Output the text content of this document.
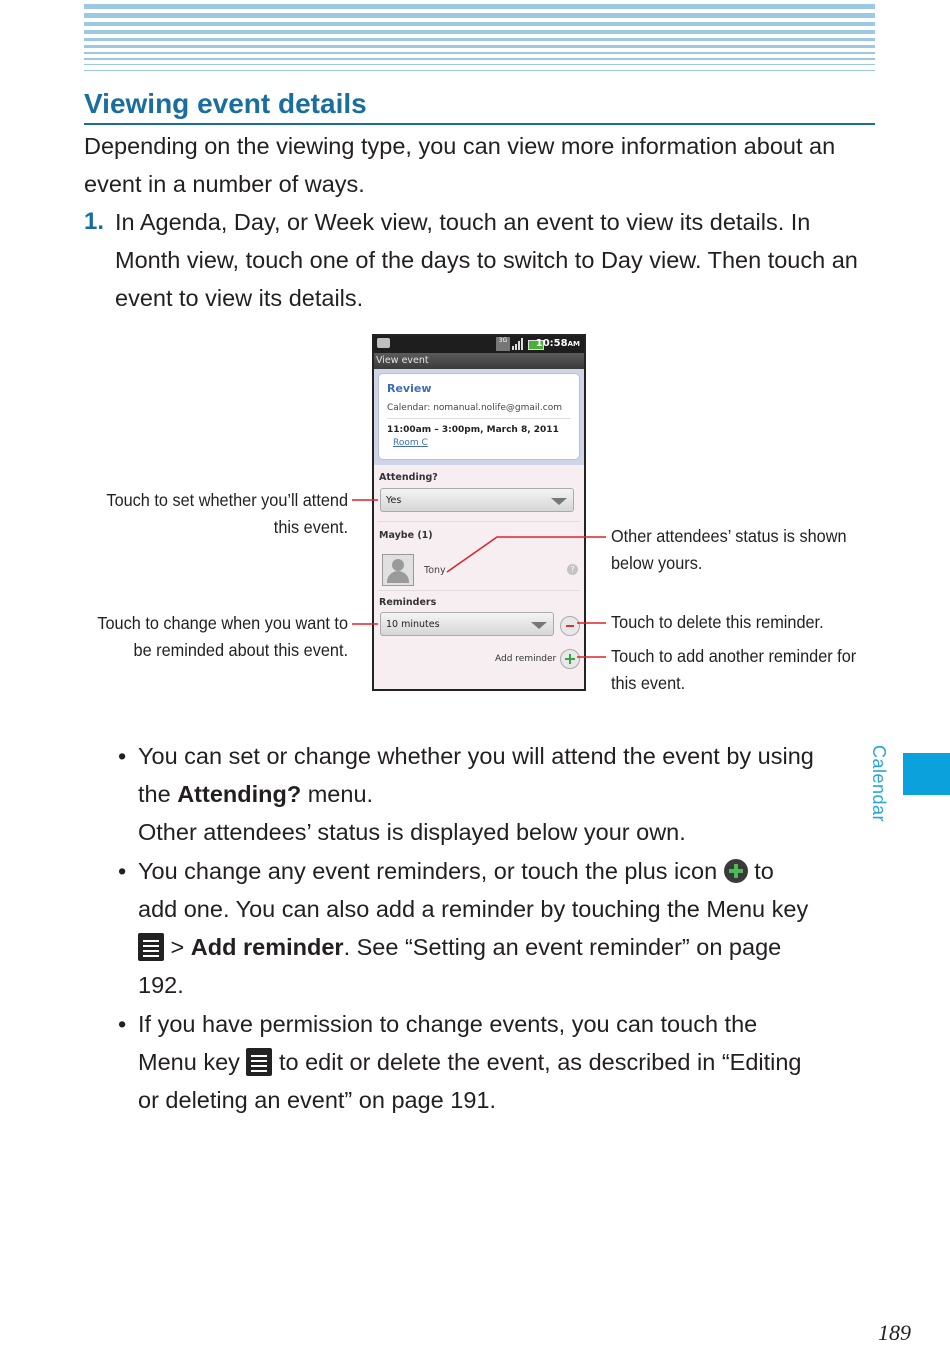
Viewing event details
Depending on the viewing type, you can view more information about an event in a number of ways.
1. In Agenda, Day, or Week view, touch an event to view its details. In Month view, touch one of the days to switch to Day view. Then touch an event to view its details.
3G	10:58AM
View event
Review
Calendar: nomanual.nolife@gmail.com
11:00am – 3:00pm, March 8, 2011
Room C
Attending?
Yes
Maybe (1)
Tony	?
Reminders
10 minutes
Add reminder
Touch to set whether you’ll attend
this event.
Touch to change when you want to
be reminded about this event.
Other attendees’ status is shown
below yours.
Touch to delete this reminder.
Touch to add another reminder for
this event.
• You can set or change whether you will attend the event by using
the Attending? menu.
Other attendees’ status is displayed below your own.
• You change any event reminders, or touch the plus icon
to
add one. You can also add a reminder by touching the Menu key
> Add reminder. See “Setting an event reminder” on page
192.
• If you have permission to change events, you can touch the
Menu key
to edit or delete the event, as described in “Editing
or deleting an event” on page 191.
Calendar
189
